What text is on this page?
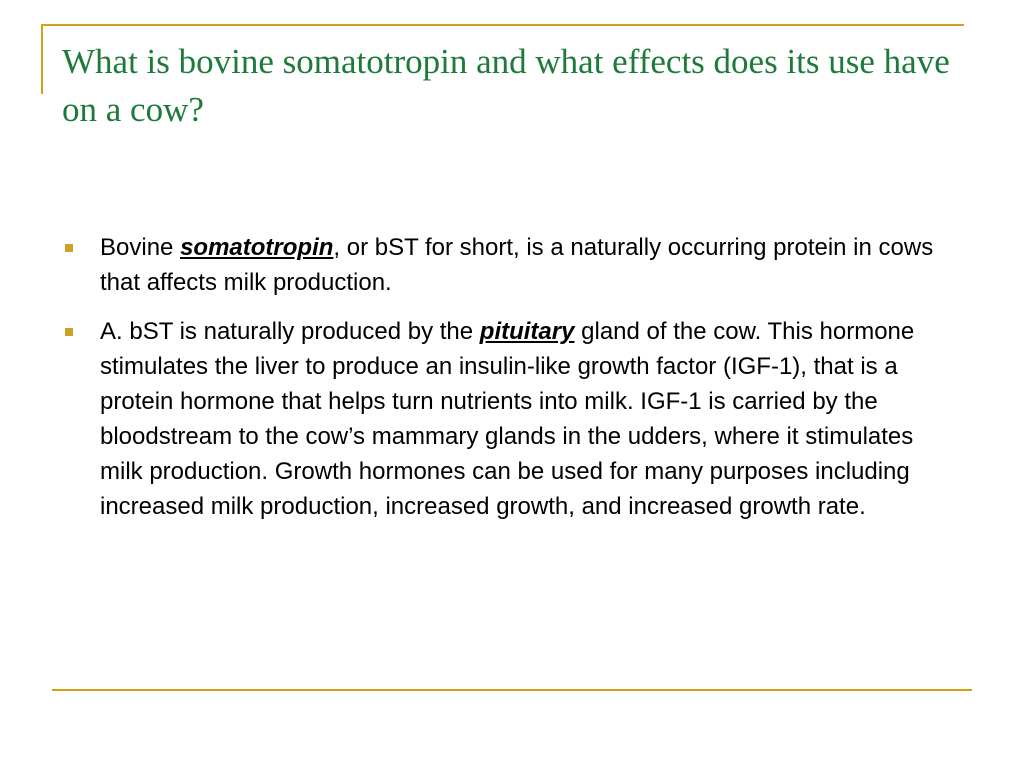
What is bovine somatotropin and what effects does its use have on a cow?
Bovine somatotropin, or bST for short, is a naturally occurring protein in cows that affects milk production.
A. bST is naturally produced by the pituitary gland of the cow. This hormone stimulates the liver to produce an insulin-like growth factor (IGF-1), that is a protein hormone that helps turn nutrients into milk. IGF-1 is carried by the bloodstream to the cow’s mammary glands in the udders, where it stimulates milk production. Growth hormones can be used for many purposes including increased milk production, increased growth, and increased growth rate.
